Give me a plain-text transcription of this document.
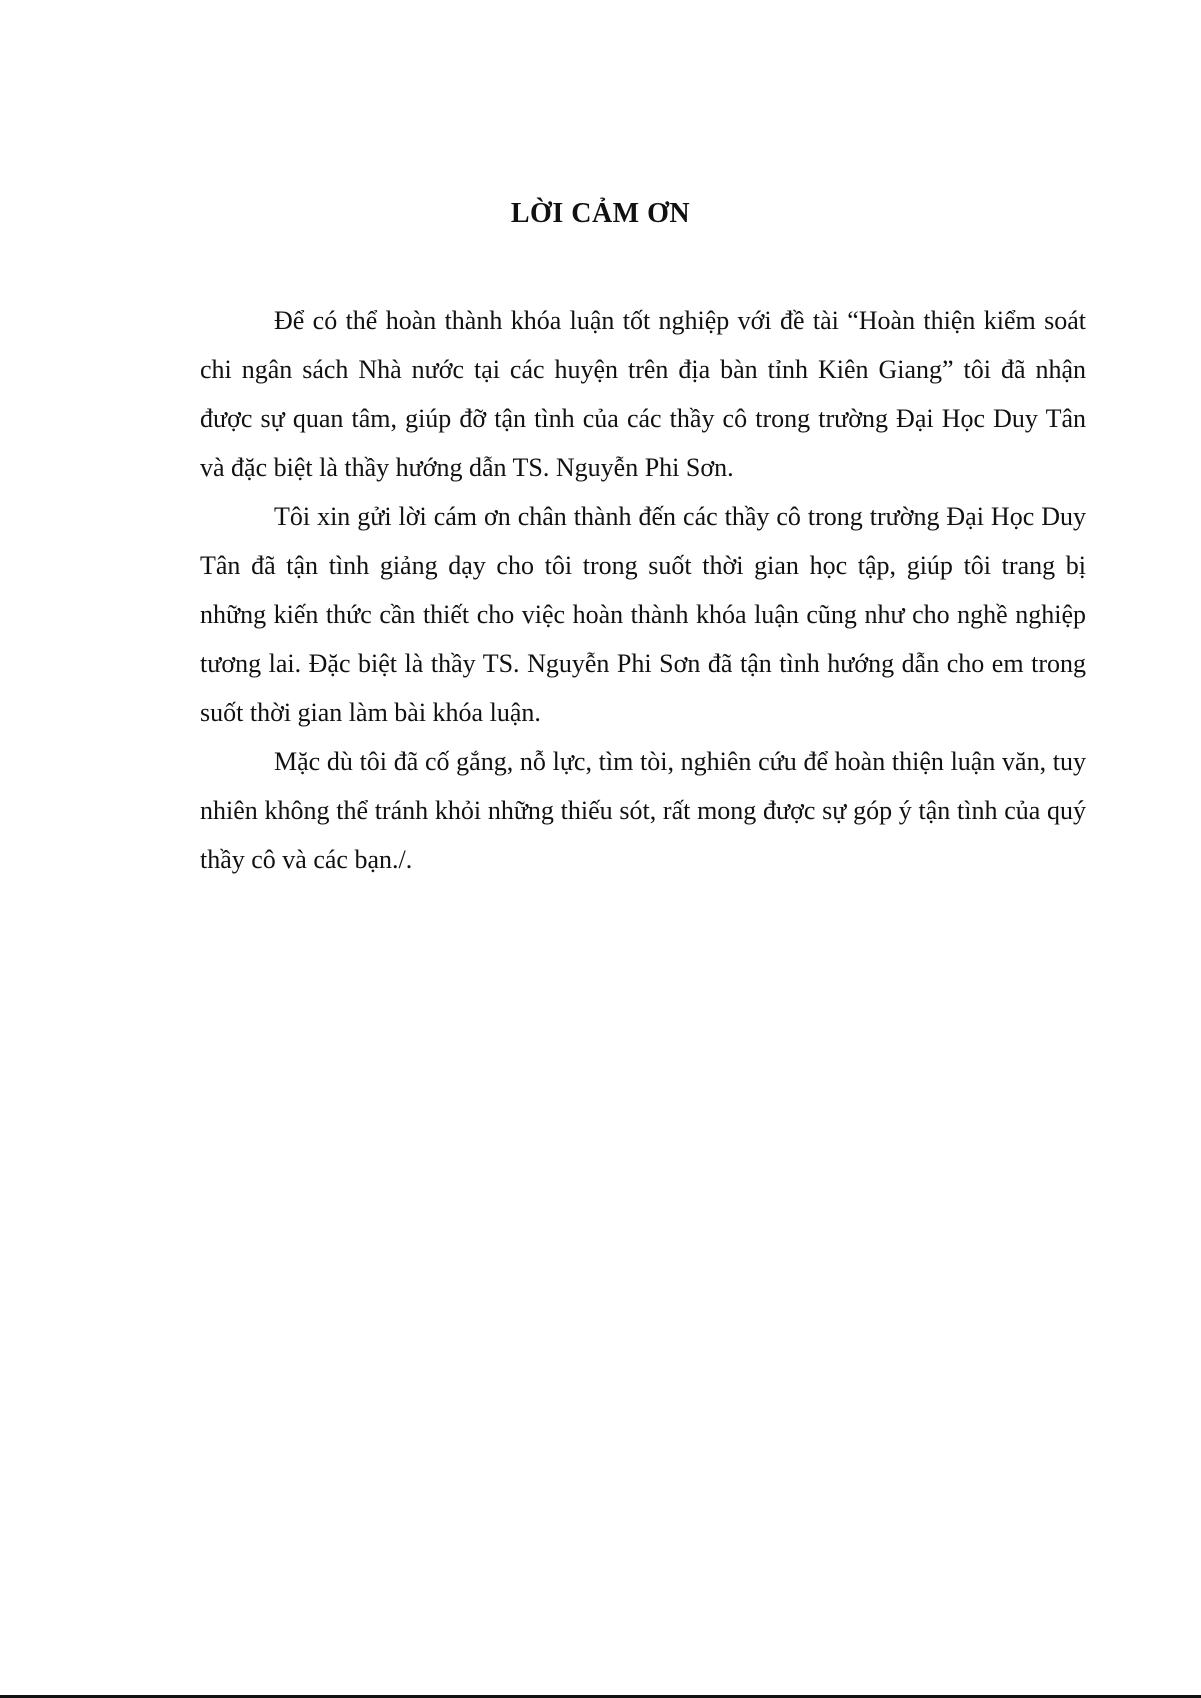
LỜI CẢM ƠN

Để có thể hoàn thành khóa luận tốt nghiệp với đề tài “Hoàn thiện kiểm soát chi ngân sách Nhà nước tại các huyện trên địa bàn tỉnh Kiên Giang” tôi đã nhận được sự quan tâm, giúp đỡ tận tình của các thầy cô trong trường Đại Học Duy Tân và đặc biệt là thầy hướng dẫn TS. Nguyễn Phi Sơn.

Tôi xin gửi lời cám ơn chân thành đến các thầy cô trong trường Đại Học Duy Tân đã tận tình giảng dạy cho tôi trong suốt thời gian học tập, giúp tôi trang bị những kiến thức cần thiết cho việc hoàn thành khóa luận cũng như cho nghề nghiệp tương lai. Đặc biệt là thầy TS. Nguyễn Phi Sơn đã tận tình hướng dẫn cho em trong suốt thời gian làm bài khóa luận.

Mặc dù tôi đã cố gắng, nỗ lực, tìm tòi, nghiên cứu để hoàn thiện luận văn, tuy nhiên không thể tránh khỏi những thiếu sót, rất mong được sự góp ý tận tình của quý thầy cô và các bạn./.
